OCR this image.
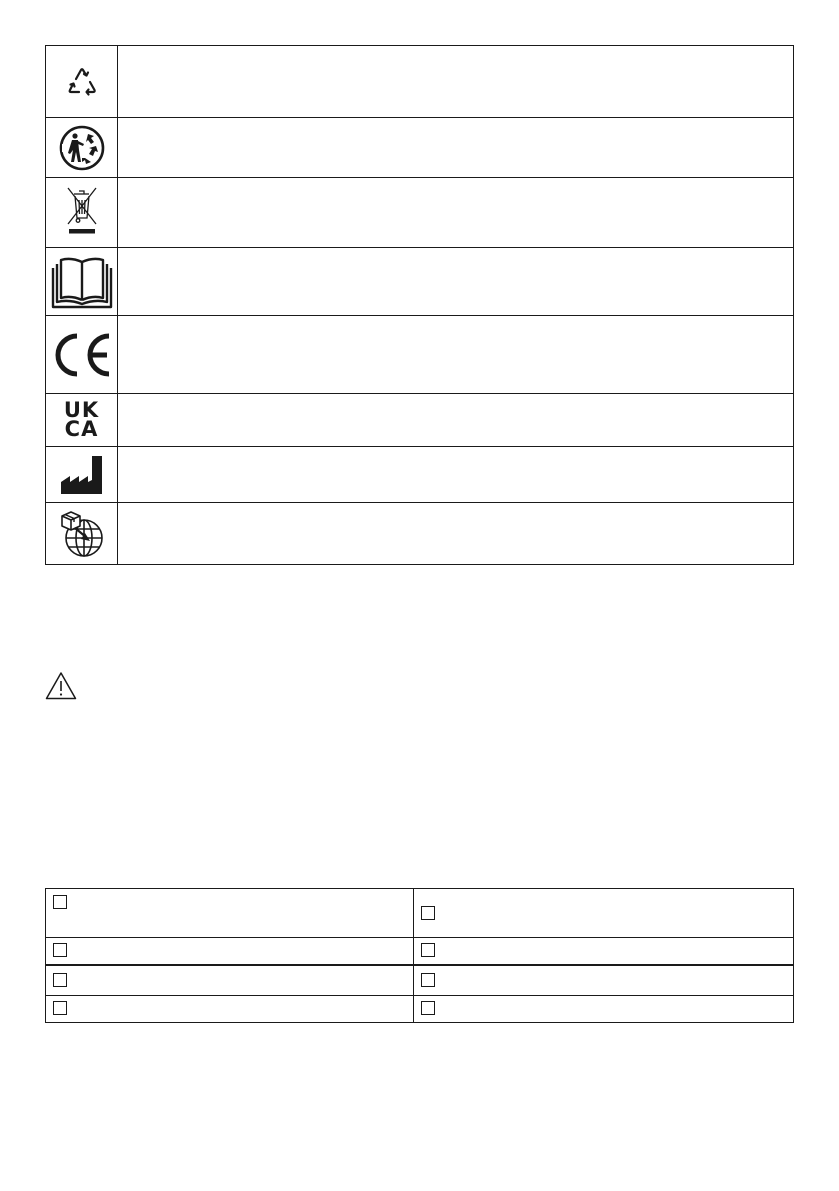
UK
CA
